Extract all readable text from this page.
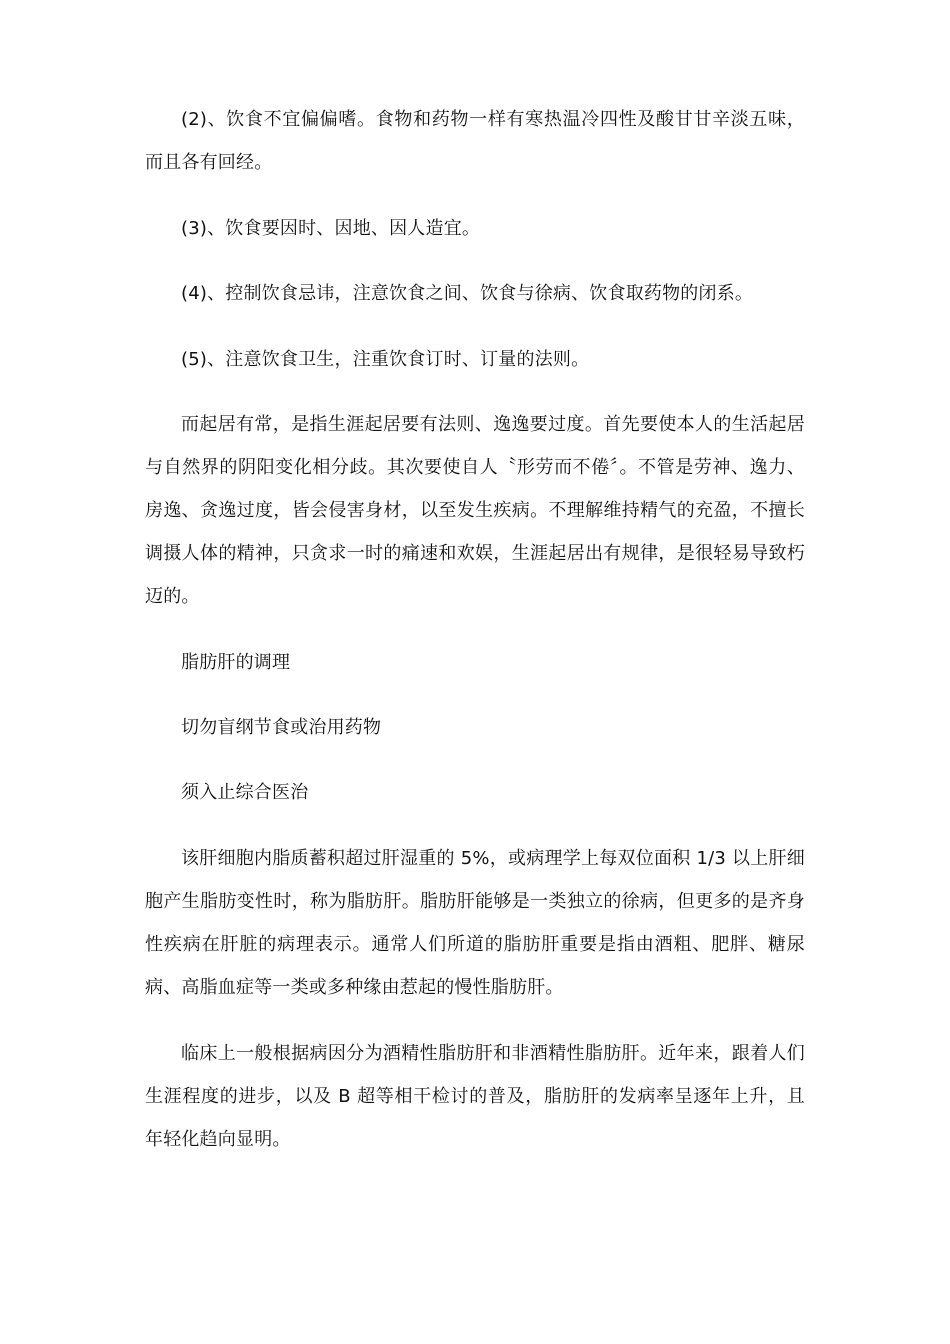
(2)、饮食不宜偏偏嗜。食物和药物一样有寒热温冷四性及酸甘甘辛淡五味，而且各有回经。

(3)、饮食要因时、因地、因人造宜。

(4)、控制饮食忌讳，注意饮食之间、饮食与徐病、饮食取药物的闭系。

(5)、注意饮食卫生，注重饮食订时、订量的法则。

而起居有常，是指生涯起居要有法则、逸逸要过度。首先要使本人的生活起居与自然界的阴阳变化相分歧。其次要使自人〝形劳而不倦〞。不管是劳神、逸力、房逸、贪逸过度，皆会侵害身材，以至发生疾病。不理解维持精气的充盈，不擅长调摄人体的精神，只贪求一时的痛速和欢娱，生涯起居出有规律，是很轻易导致朽迈的。

脂肪肝的调理

切勿盲纲节食或治用药物

须入止综合医治

该肝细胞内脂质蓄积超过肝湿重的 5%，或病理学上每双位面积 1/3 以上肝细胞产生脂肪变性时，称为脂肪肝。脂肪肝能够是一类独立的徐病，但更多的是齐身性疾病在肝脏的病理表示。通常人们所道的脂肪肝重要是指由酒粗、肥胖、糖尿病、高脂血症等一类或多种缘由惹起的慢性脂肪肝。

临床上一般根据病因分为酒精性脂肪肝和非酒精性脂肪肝。近年来，跟着人们生涯程度的进步，以及 B 超等相干检讨的普及，脂肪肝的发病率呈逐年上升，且年轻化趋向显明。
